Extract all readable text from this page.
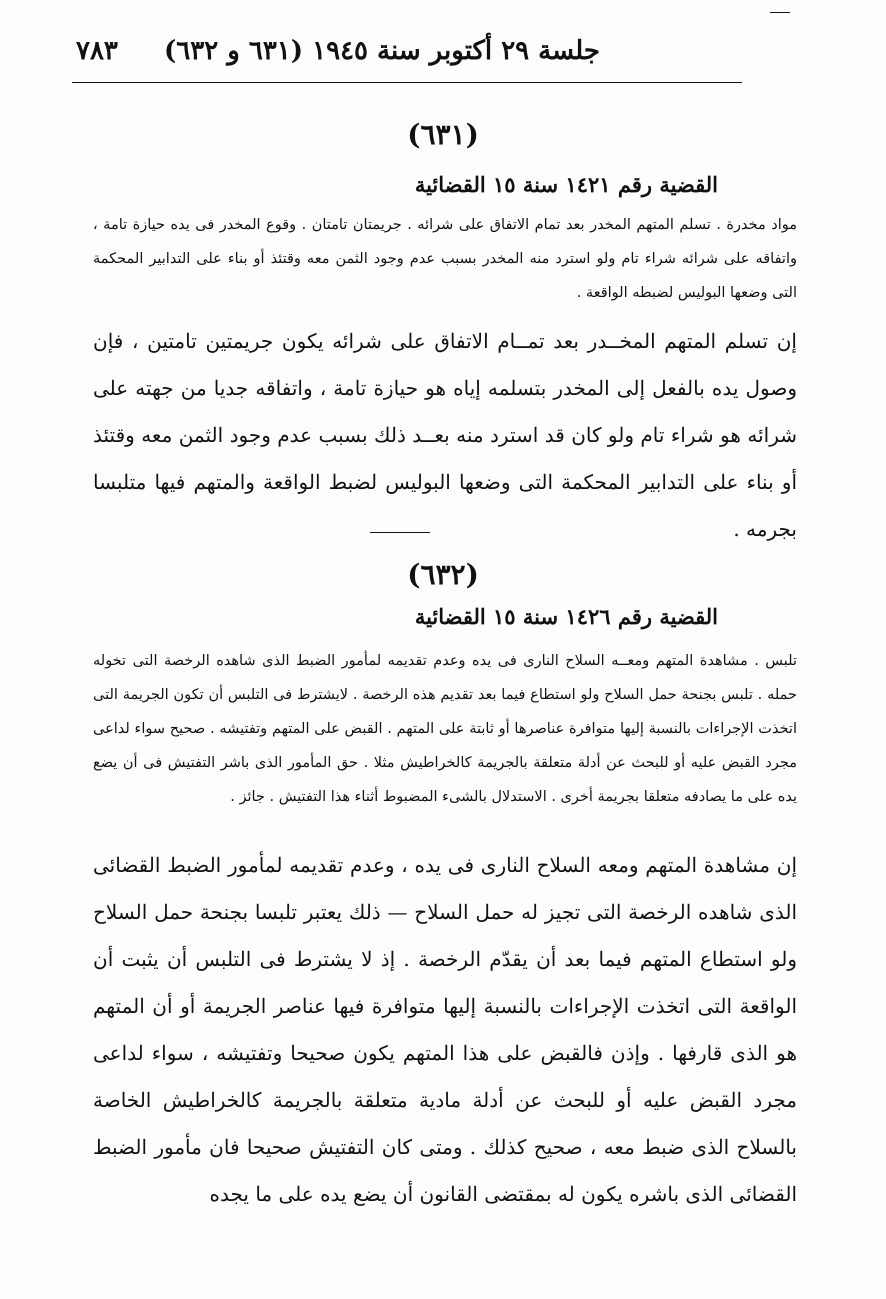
جلسة ٢٩ أكتوبر سنة ١٩٤٥ (٦٣١ و ٦٣٢)
٧٨٣
(٦٣١)
القضية رقم ١٤٢١ سنة ١٥ القضائية
مواد مخدرة . تسلم المتهم المخدر بعد تمام الاتفاق على شرائه . جريمتان تامتان . وقوع المخدر فى يده حيازة تامة ، واتفاقه على شرائه شراء تام ولو استرد منه المخدر بسبب عدم وجود الثمن معه وقتئذ أو بناء على التدابير المحكمة التى وضعها البوليس لضبطه الواقعة .
إن تسلم المتهم المخــدر بعد تمــام الاتفاق على شرائه يكون جريمتين تامتين ، فإن وصول يده بالفعل إلى المخدر بتسلمه إياه هو حيازة تامة ، واتفاقه جديا من جهته على شرائه هو شراء تام ولو كان قد استرد منه بعــد ذلك بسبب عدم وجود الثمن معه وقتئذ أو بناء على التدابير المحكمة التى وضعها البوليس لضبط الواقعة والمتهم فيها متلبسا بجرمه .
(٦٣٢)
القضية رقم ١٤٢٦ سنة ١٥ القضائية
تلبس . مشاهدة المتهم ومعــه السلاح النارى فى يده وعدم تقديمه لمأمور الضبط الذى شاهده الرخصة التى تخوله حمله . تلبس بجنحة حمل السلاح ولو استطاع فيما بعد تقديم هذه الرخصة . لايشترط فى التلبس أن تكون الجريمة التى اتخذت الإجراءات بالنسبة إليها متوافرة عناصرها أو ثابتة على المتهم . القبض على المتهم وتفتيشه . صحيح سواء لداعى مجرد القبض عليه أو للبحث عن أدلة متعلقة بالجريمة كالخراطيش مثلا . حق المأمور الذى باشر التفتيش فى أن يضع يده على ما يصادفه متعلقا بجريمة أخرى . الاستدلال بالشىء المضبوط أثناء هذا التفتيش . جائز .
إن مشاهدة المتهم ومعه السلاح النارى فى يده ، وعدم تقديمه لمأمور الضبط القضائى الذى شاهده الرخصة التى تجيز له حمل السلاح — ذلك يعتبر تلبسا بجنحة حمل السلاح ولو استطاع المتهم فيما بعد أن يقدّم الرخصة . إذ لا يشترط فى التلبس أن يثبت أن الواقعة التى اتخذت الإجراءات بالنسبة إليها متوافرة فيها عناصر الجريمة أو أن المتهم هو الذى قارفها . وإذن فالقبض على هذا المتهم يكون صحيحا وتفتيشه ، سواء لداعى مجرد القبض عليه أو للبحث عن أدلة مادية متعلقة بالجريمة كالخراطيش الخاصة بالسلاح الذى ضبط معه ، صحيح كذلك . ومتى كان التفتيش صحيحا فان مأمور الضبط القضائى الذى باشره يكون له بمقتضى القانون أن يضع يده على ما يجده
